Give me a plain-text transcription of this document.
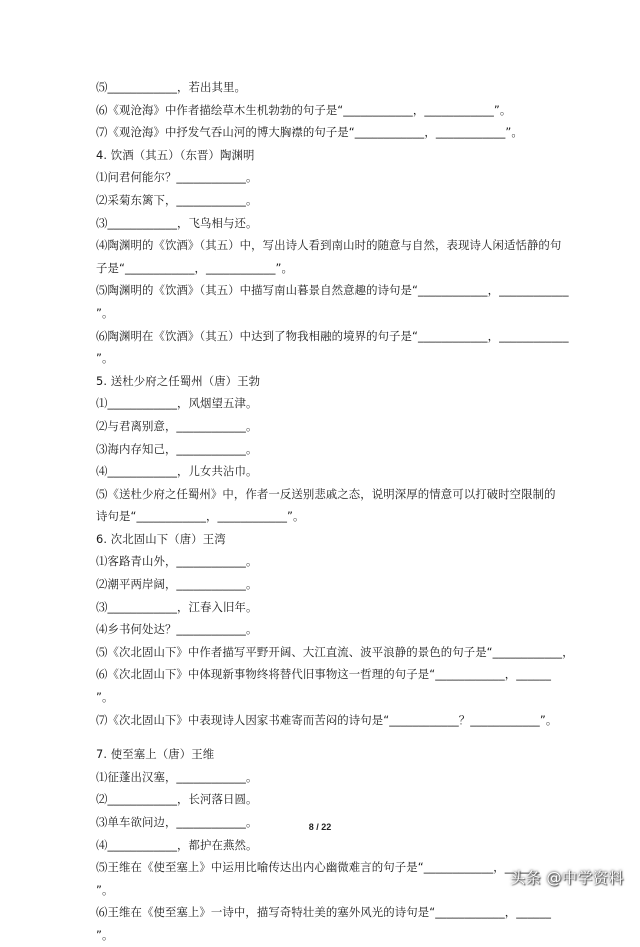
⑸____________，若出其里。
⑹《观沧海》中作者描绘草木生机勃勃的句子是“____________，____________”。
⑺《观沧海》中抒发气吞山河的博大胸襟的句子是“____________，____________”。
4. 饮酒（其五）（东晋）陶渊明
⑴问君何能尔？____________。
⑵采菊东篱下，____________。
⑶____________，飞鸟相与还。
⑷陶渊明的《饮酒》（其五）中，写出诗人看到南山时的随意与自然，表现诗人闲适恬静的句
子是“____________，____________”。
⑸陶渊明的《饮酒》（其五）中描写南山暮景自然意趣的诗句是“____________，____________
”。
⑹陶渊明在《饮酒》（其五）中达到了物我相融的境界的句子是“____________，____________
”。
5. 送杜少府之任蜀州（唐）王勃
⑴____________，风烟望五津。
⑵与君离别意，____________。
⑶海内存知己，____________。
⑷____________，儿女共沾巾。
⑸《送杜少府之任蜀州》中，作者一反送别悲戚之态，说明深厚的情意可以打破时空限制的
诗句是“____________，____________”。
6. 次北固山下（唐）王湾
⑴客路青山外，____________。
⑵潮平两岸阔，____________。
⑶____________，江春入旧年。
⑷乡书何处达？____________。
⑸《次北固山下》中作者描写平野开阔、大江直流、波平浪静的景色的句子是“____________，
⑹《次北固山下》中体现新事物终将替代旧事物这一哲理的句子是“____________，______
”。
⑺《次北固山下》中表现诗人因家书难寄而苦闷的诗句是“____________？____________”。
7. 使至塞上（唐）王维
⑴征蓬出汉塞，____________。
⑵____________，长河落日圆。
⑶单车欲问边，____________。
⑷____________，都护在燕然。
⑸王维在《使至塞上》中运用比喻传达出内心幽微难言的句子是“____________，______
”。
⑹王维在《使至塞上》一诗中，描写奇特壮美的塞外风光的诗句是“____________，______
”。
8 / 22
头条 @中学资料
